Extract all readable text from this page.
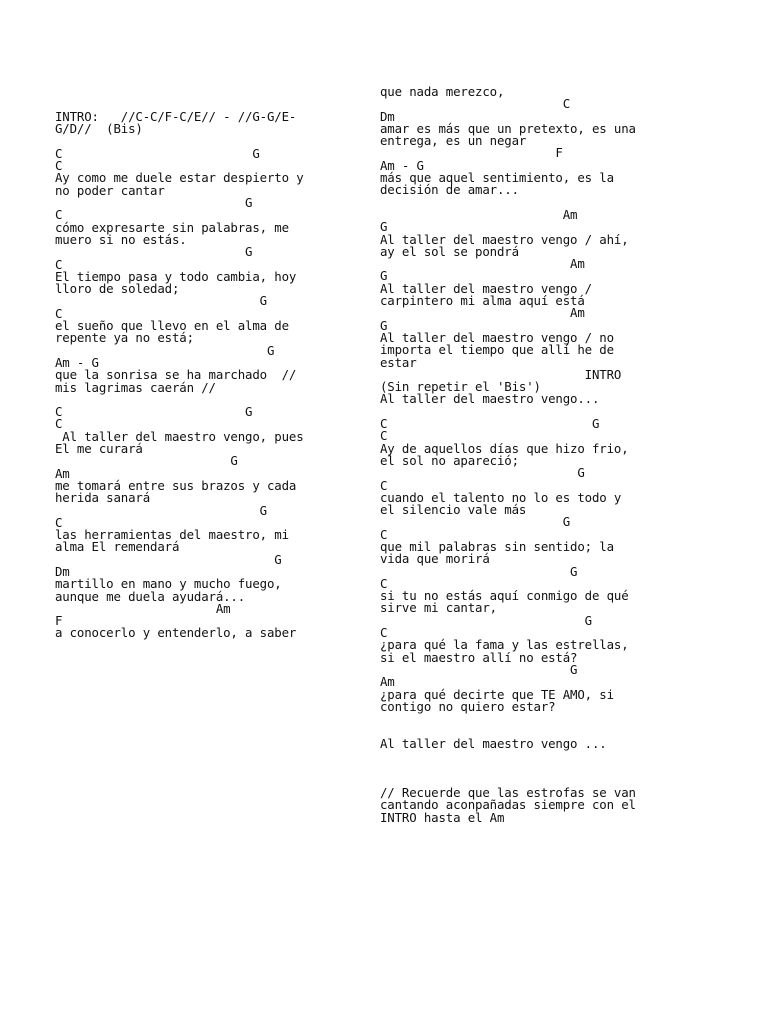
INTRO:   //C-C/F-C/E// - //G-G/E-
G/D//  (Bis)

C                          G
C
Ay como me duele estar despierto y
no poder cantar
G
C
cómo expresarte sin palabras, me
muero si no estás.
G
C
El tiempo pasa y todo cambia, hoy
lloro de soledad;
G
C
el sueño que llevo en el alma de
repente ya no está;
G
Am - G
que la sonrisa se ha marchado  //
mis lagrimas caerán //

C                         G
C
Al taller del maestro vengo, pues
El me curará
G
Am
me tomará entre sus brazos y cada
herida sanará
G
C
las herramientas del maestro, mi
alma El remendará
G
Dm
martillo en mano y mucho fuego,
aunque me duela ayudará...
Am
F
a conocerlo y entenderlo, a saber
que nada merezco,
C
Dm
amar es más que un pretexto, es una
entrega, es un negar
F
Am - G
más que aquel sentimiento, es la
decisión de amar...

Am
G
Al taller del maestro vengo / ahí,
ay el sol se pondrá
Am
G
Al taller del maestro vengo /
carpintero mi alma aquí está
Am
G
Al taller del maestro vengo / no
importa el tiempo que allí he de
estar
INTRO
(Sin repetir el 'Bis')
Al taller del maestro vengo...

C                            G
C
Ay de aquellos días que hizo frio,
el sol no apareció;
G
C
cuando el talento no lo es todo y
el silencio vale más
G
C
que mil palabras sin sentido; la
vida que morirá
G
C
si tu no estás aquí conmigo de qué
sirve mi cantar,
G
C
¿para qué la fama y las estrellas,
si el maestro allí no está?
G
Am
¿para qué decirte que TE AMO, si
contigo no quiero estar?

Al taller del maestro vengo ...

// Recuerde que las estrofas se van
cantando aconpañadas siempre con el
INTRO hasta el Am
